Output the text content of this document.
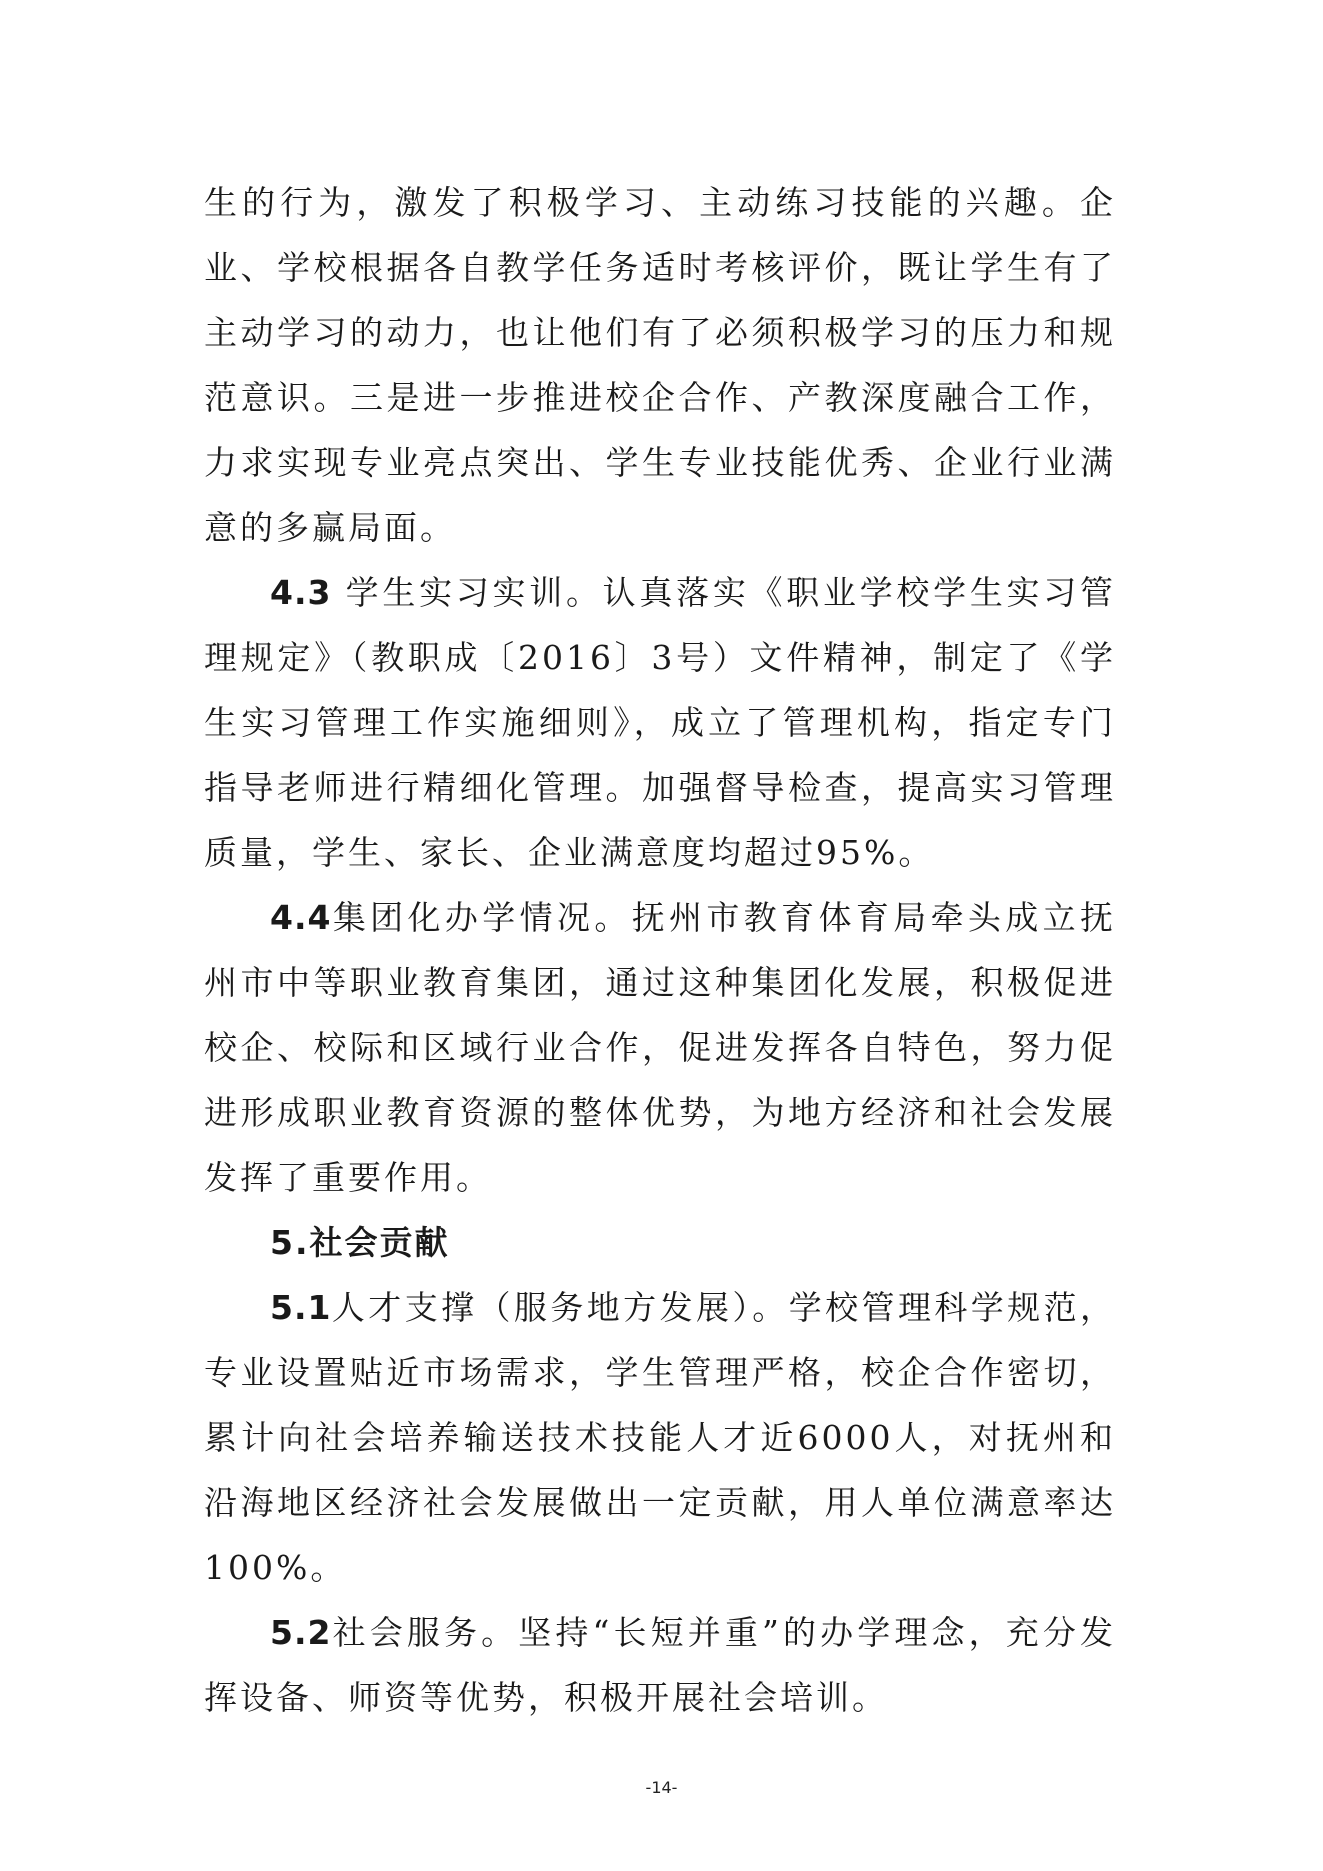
生的行为，激发了积极学习、主动练习技能的兴趣。企业、学校根据各自教学任务适时考核评价，既让学生有了主动学习的动力，也让他们有了必须积极学习的压力和规范意识。三是进一步推进校企合作、产教深度融合工作，力求实现专业亮点突出、学生专业技能优秀、企业行业满意的多赢局面。

4.3 学生实习实训。认真落实《职业学校学生实习管理规定》（教职成〔2016〕3号）文件精神，制定了《学生实习管理工作实施细则》，成立了管理机构，指定专门指导老师进行精细化管理。加强督导检查，提高实习管理质量，学生、家长、企业满意度均超过95%。

4.4集团化办学情况。抚州市教育体育局牵头成立抚州市中等职业教育集团，通过这种集团化发展，积极促进校企、校际和区域行业合作，促进发挥各自特色，努力促进形成职业教育资源的整体优势，为地方经济和社会发展发挥了重要作用。

5.社会贡献

5.1人才支撑（服务地方发展）。学校管理科学规范，专业设置贴近市场需求，学生管理严格，校企合作密切，累计向社会培养输送技术技能人才近6000人，对抚州和沿海地区经济社会发展做出一定贡献，用人单位满意率达100%。

5.2社会服务。坚持“长短并重”的办学理念，充分发挥设备、师资等优势，积极开展社会培训。

-14-
